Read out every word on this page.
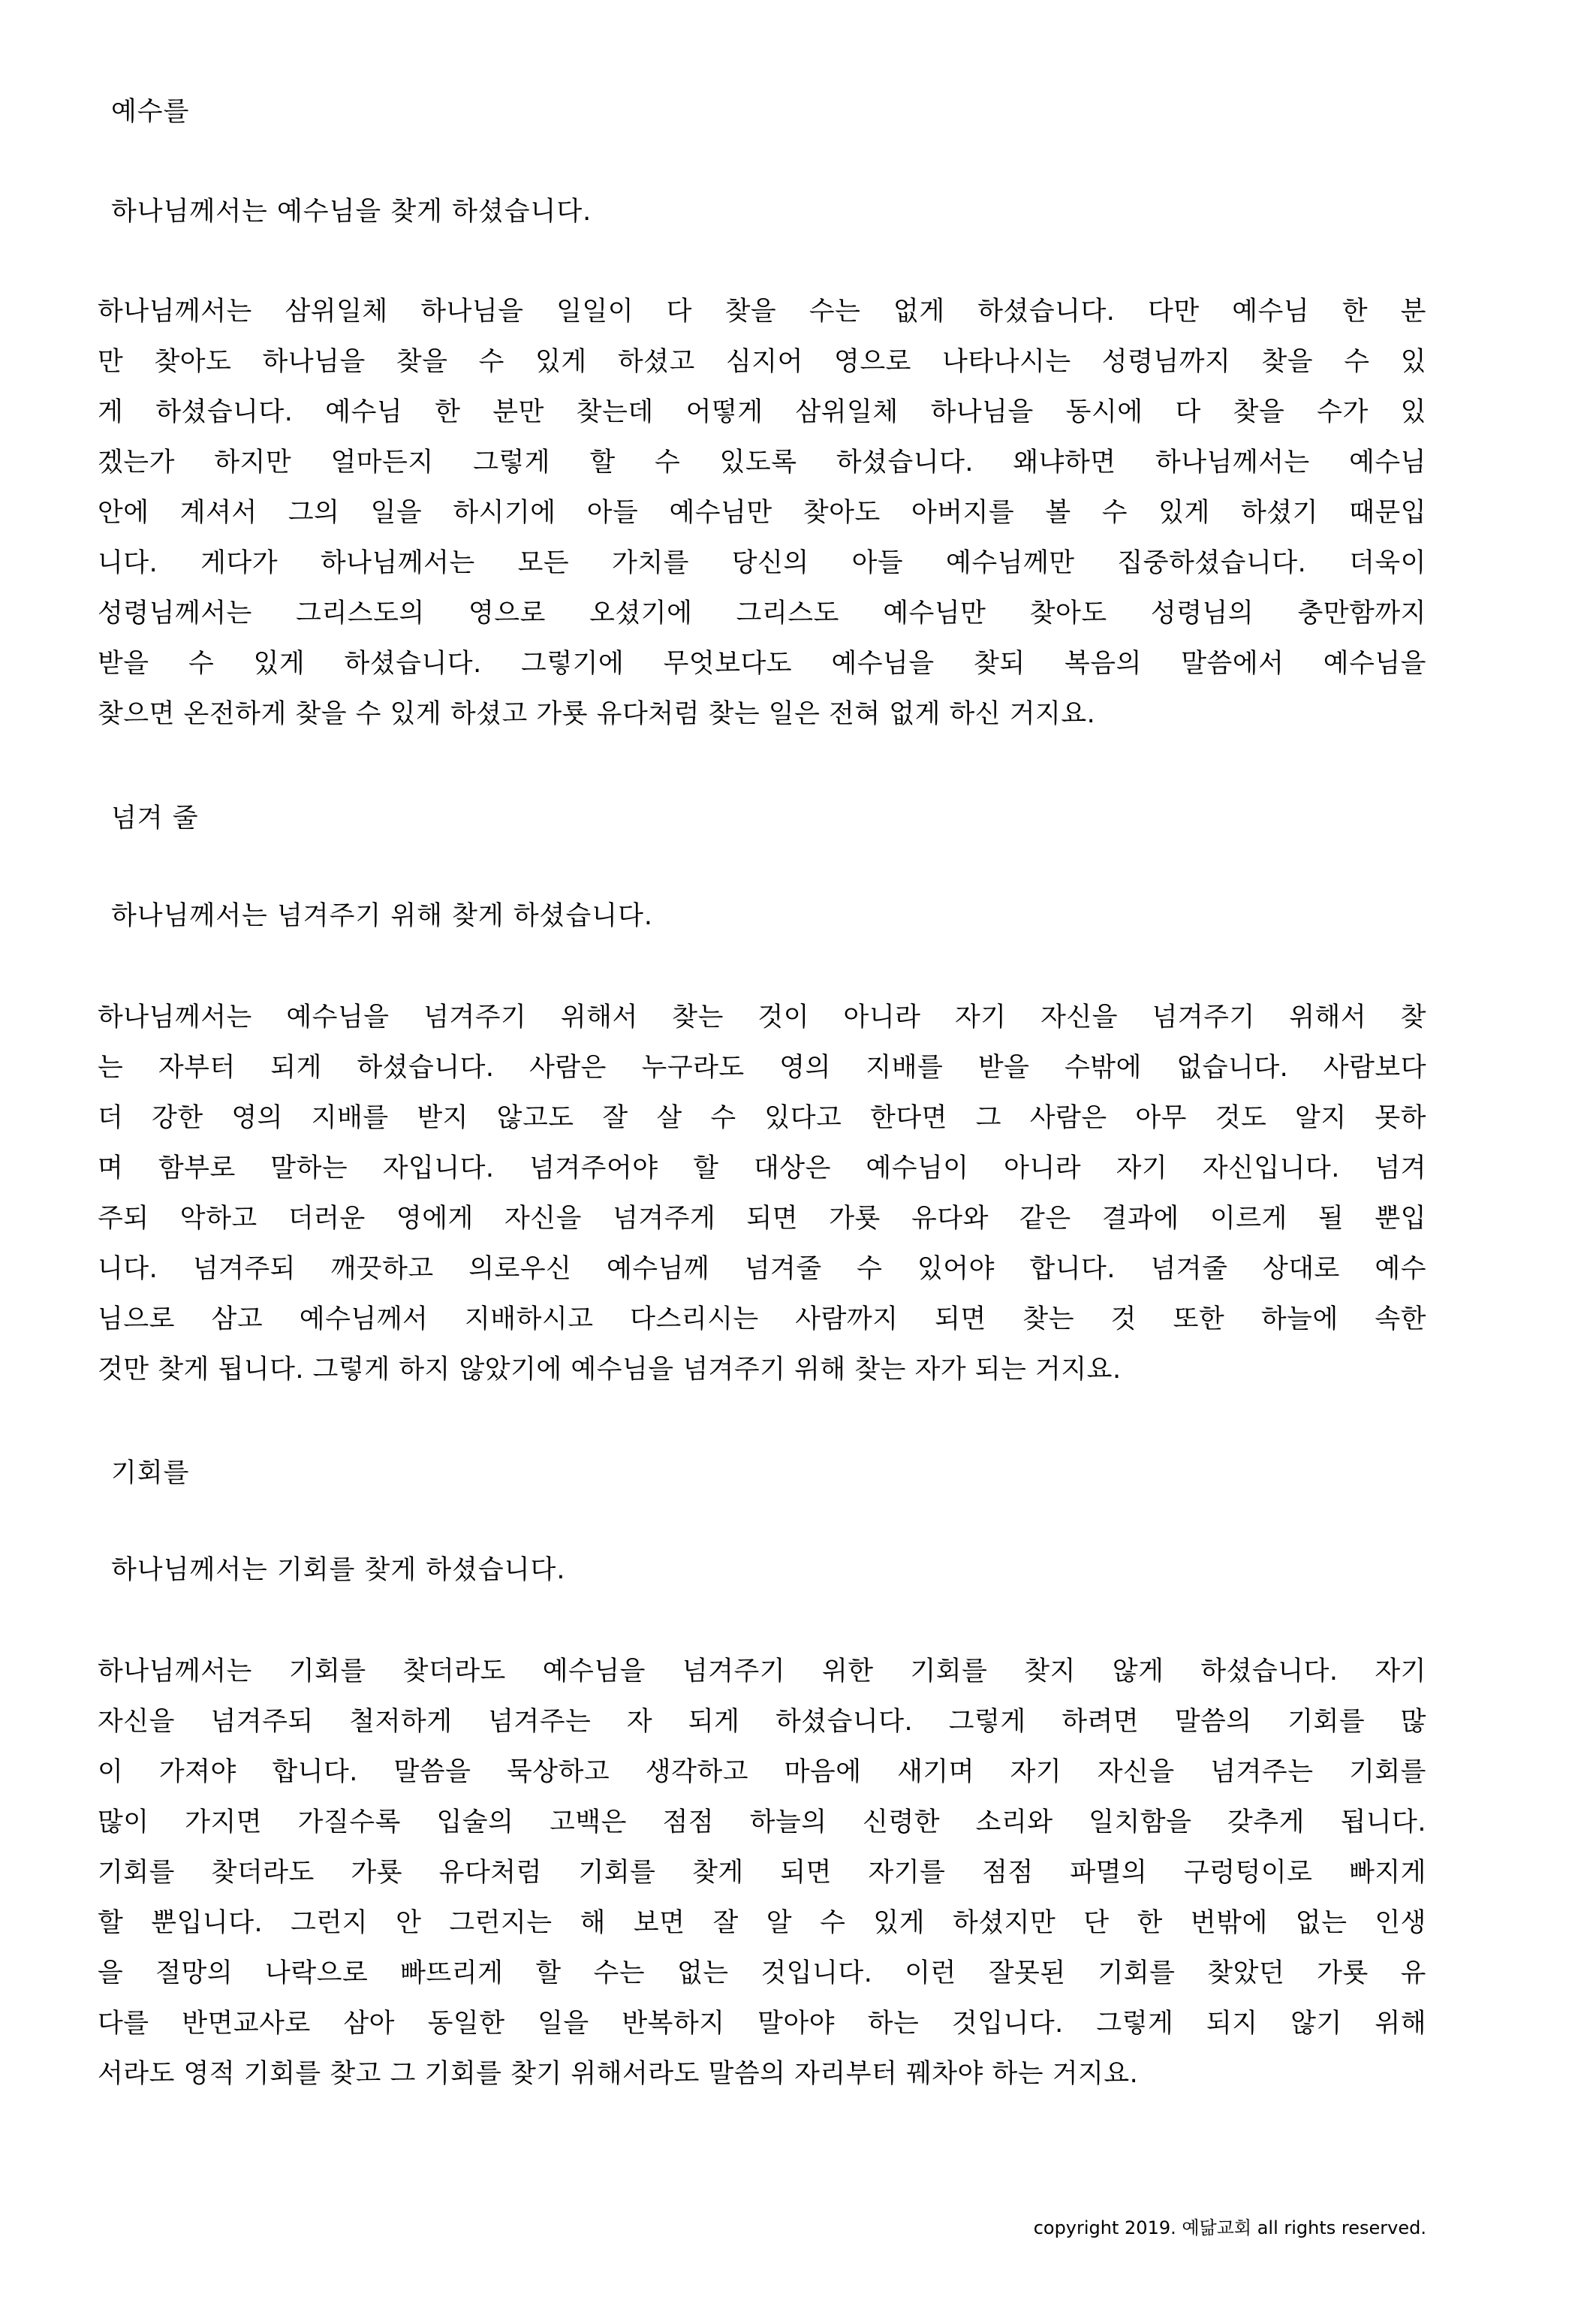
예수를
하나님께서는 예수님을 찾게 하셨습니다.
하나님께서는 삼위일체 하나님을 일일이 다 찾을 수는 없게 하셨습니다. 다만 예수님 한 분
만 찾아도 하나님을 찾을 수 있게 하셨고 심지어 영으로 나타나시는 성령님까지 찾을 수 있
게 하셨습니다. 예수님 한 분만 찾는데 어떻게 삼위일체 하나님을 동시에 다 찾을 수가 있
겠는가 하지만 얼마든지 그렇게 할 수 있도록 하셨습니다. 왜냐하면 하나님께서는 예수님
안에 계셔서 그의 일을 하시기에 아들 예수님만 찾아도 아버지를 볼 수 있게 하셨기 때문입
니다. 게다가 하나님께서는 모든 가치를 당신의 아들 예수님께만 집중하셨습니다. 더욱이
성령님께서는 그리스도의 영으로 오셨기에 그리스도 예수님만 찾아도 성령님의 충만함까지
받을 수 있게 하셨습니다. 그렇기에 무엇보다도 예수님을 찾되 복음의 말씀에서 예수님을
찾으면 온전하게 찾을 수 있게 하셨고 가룟 유다처럼 찾는 일은 전혀 없게 하신 거지요.
넘겨 줄
하나님께서는 넘겨주기 위해 찾게 하셨습니다.
하나님께서는 예수님을 넘겨주기 위해서 찾는 것이 아니라 자기 자신을 넘겨주기 위해서 찾
는 자부터 되게 하셨습니다. 사람은 누구라도 영의 지배를 받을 수밖에 없습니다. 사람보다
더 강한 영의 지배를 받지 않고도 잘 살 수 있다고 한다면 그 사람은 아무 것도 알지 못하
며 함부로 말하는 자입니다. 넘겨주어야 할 대상은 예수님이 아니라 자기 자신입니다. 넘겨
주되 악하고 더러운 영에게 자신을 넘겨주게 되면 가룟 유다와 같은 결과에 이르게 될 뿐입
니다. 넘겨주되 깨끗하고 의로우신 예수님께 넘겨줄 수 있어야 합니다. 넘겨줄 상대로 예수
님으로 삼고 예수님께서 지배하시고 다스리시는 사람까지 되면 찾는 것 또한 하늘에 속한
것만 찾게 됩니다. 그렇게 하지 않았기에 예수님을 넘겨주기 위해 찾는 자가 되는 거지요.
기회를
하나님께서는 기회를 찾게 하셨습니다.
하나님께서는 기회를 찾더라도 예수님을 넘겨주기 위한 기회를 찾지 않게 하셨습니다. 자기
자신을 넘겨주되 철저하게 넘겨주는 자 되게 하셨습니다. 그렇게 하려면 말씀의 기회를 많
이 가져야 합니다. 말씀을 묵상하고 생각하고 마음에 새기며 자기 자신을 넘겨주는 기회를
많이 가지면 가질수록 입술의 고백은 점점 하늘의 신령한 소리와 일치함을 갖추게 됩니다.
기회를 찾더라도 가룟 유다처럼 기회를 찾게 되면 자기를 점점 파멸의 구렁텅이로 빠지게
할 뿐입니다. 그런지 안 그런지는 해 보면 잘 알 수 있게 하셨지만 단 한 번밖에 없는 인생
을 절망의 나락으로 빠뜨리게 할 수는 없는 것입니다. 이런 잘못된 기회를 찾았던 가룟 유
다를 반면교사로 삼아 동일한 일을 반복하지 말아야 하는 것입니다. 그렇게 되지 않기 위해
서라도 영적 기회를 찾고 그 기회를 찾기 위해서라도 말씀의 자리부터 꿰차야 하는 거지요.
copyright 2019. 예닮교회 all rights reserved.
